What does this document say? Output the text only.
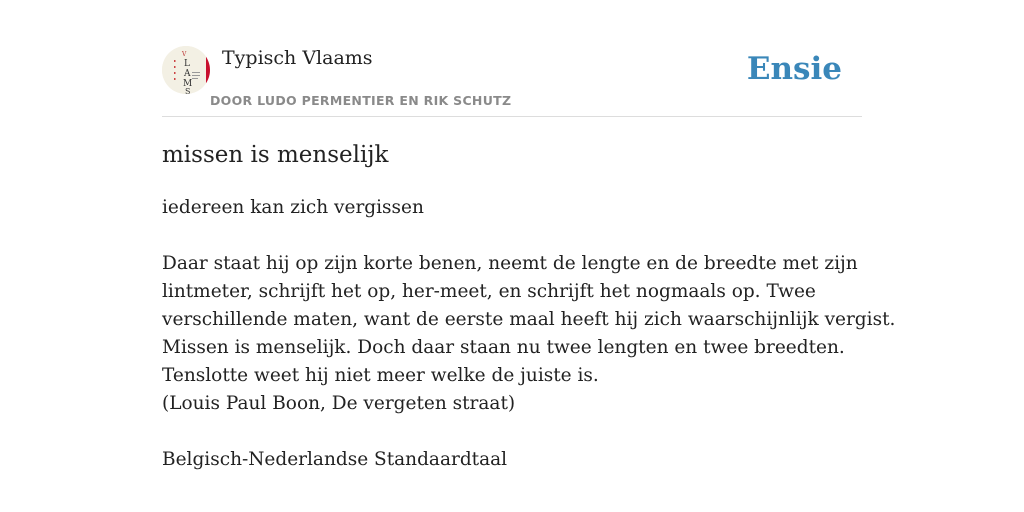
V
L
A
M
S
Typisch Vlaams
DOOR LUDO PERMENTIER EN RIK SCHUTZ
Ensie
missen is menselijk
iedereen kan zich vergissen
Daar staat hij op zijn korte benen, neemt de lengte en de breedte met zijn
lintmeter, schrijft het op, her-meet, en schrijft het nogmaals op. Twee
verschillende maten, want de eerste maal heeft hij zich waarschijnlijk vergist.
Missen is menselijk. Doch daar staan nu twee lengten en twee breedten.
Tenslotte weet hij niet meer welke de juiste is.
(Louis Paul Boon, De vergeten straat)
Belgisch-Nederlandse Standaardtaal
